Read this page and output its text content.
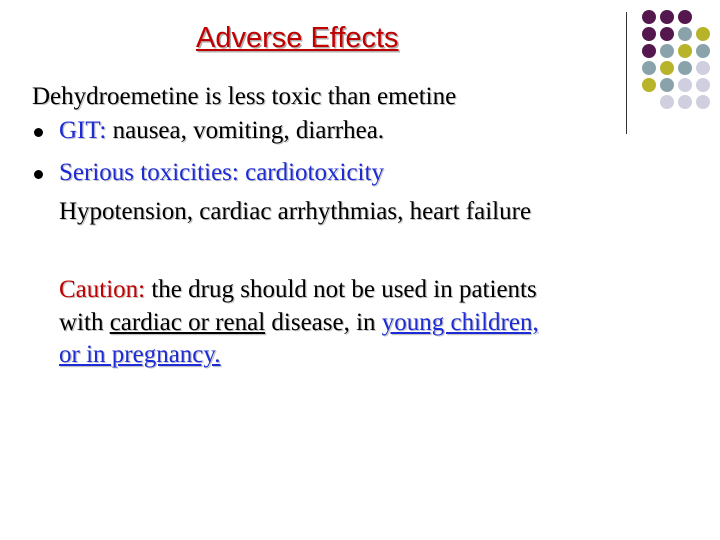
Adverse Effects
Dehydroemetine is less toxic than emetine
GIT: nausea, vomiting, diarrhea.
Serious toxicities: cardiotoxicity
Hypotension, cardiac arrhythmias, heart failure
Caution: the drug should not be used in patients
with cardiac or renal disease, in young children,
or in pregnancy.
